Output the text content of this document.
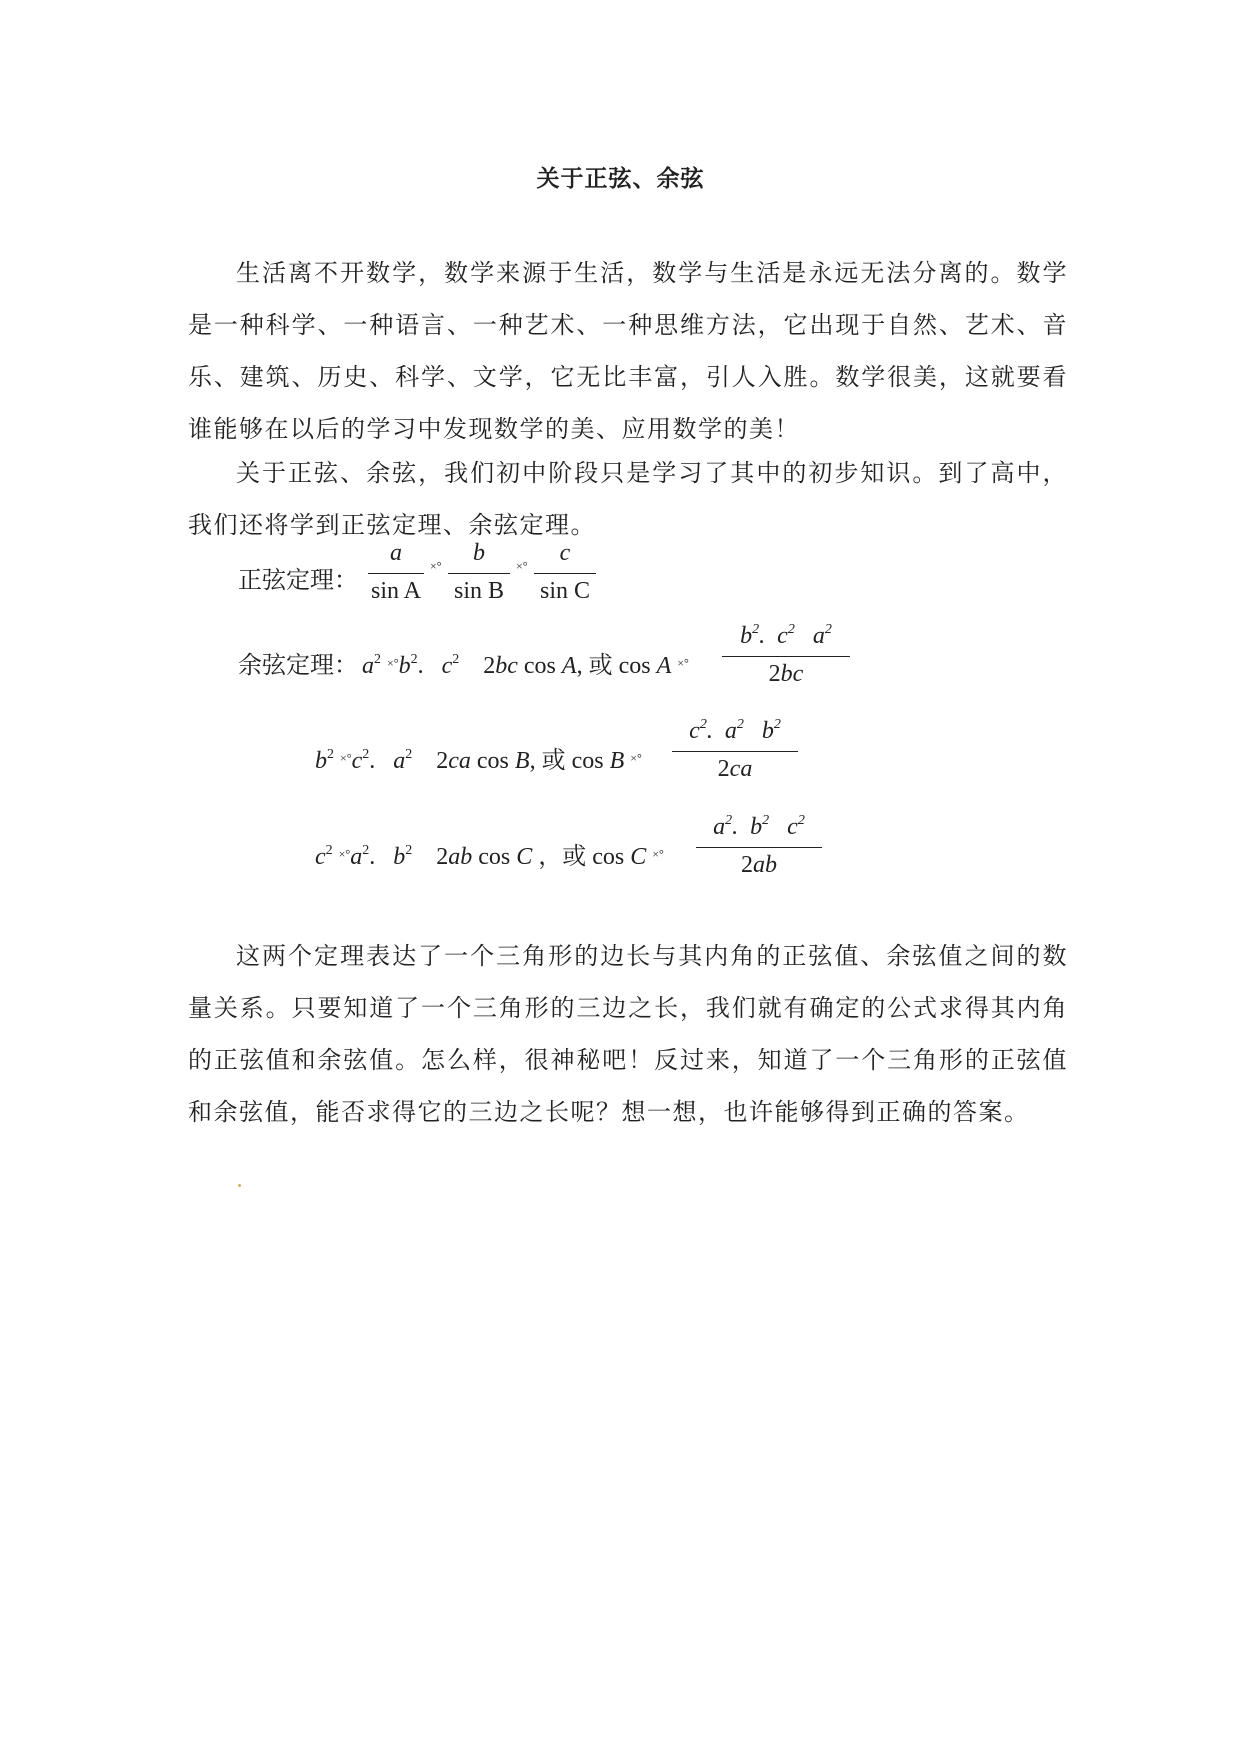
关于正弦、余弦
生活离不开数学，数学来源于生活，数学与生活是永远无法分离的。数学是一种科学、一种语言、一种艺术、一种思维方法，它出现于自然、艺术、音乐、建筑、历史、科学、文学，它无比丰富，引人入胜。数学很美，这就要看谁能够在以后的学习中发现数学的美、应用数学的美！
关于正弦、余弦，我们初中阶段只是学习了其中的初步知识。到了高中，我们还将学到正弦定理、余弦定理。
正弦定理： $\frac{a}{\text{sin A}} ^{\times^\circ} \frac{b}{\text{sin B}} ^{\times^\circ} \frac{c}{\text{sin C}}$
余弦定理： $a^2$ $^{\times^\circ}b^2$.   $c^2$    2bc cos A, 或 cos A $^{\times^\circ} \frac{b^2. c^2 a^2}{2bc}$
$b^2$ $^{\times^\circ}c^2$.   $a^2$    2ca cos B, 或 cos B $^{\times^\circ} \frac{c^2. a^2 b^2}{2ca}$
$c^2$ $^{\times^\circ}a^2$.   $b^2$    2ab cos C ，或 cos C $^{\times^\circ} \frac{a^2. b^2 c^2}{2ab}$
这两个定理表达了一个三角形的边长与其内角的正弦值、余弦值之间的数量关系。只要知道了一个三角形的三边之长，我们就有确定的公式求得其内角的正弦值和余弦值。怎么样，很神秘吧！反过来，知道了一个三角形的正弦值和余弦值，能否求得它的三边之长呢？想一想，也许能够得到正确的答案。
